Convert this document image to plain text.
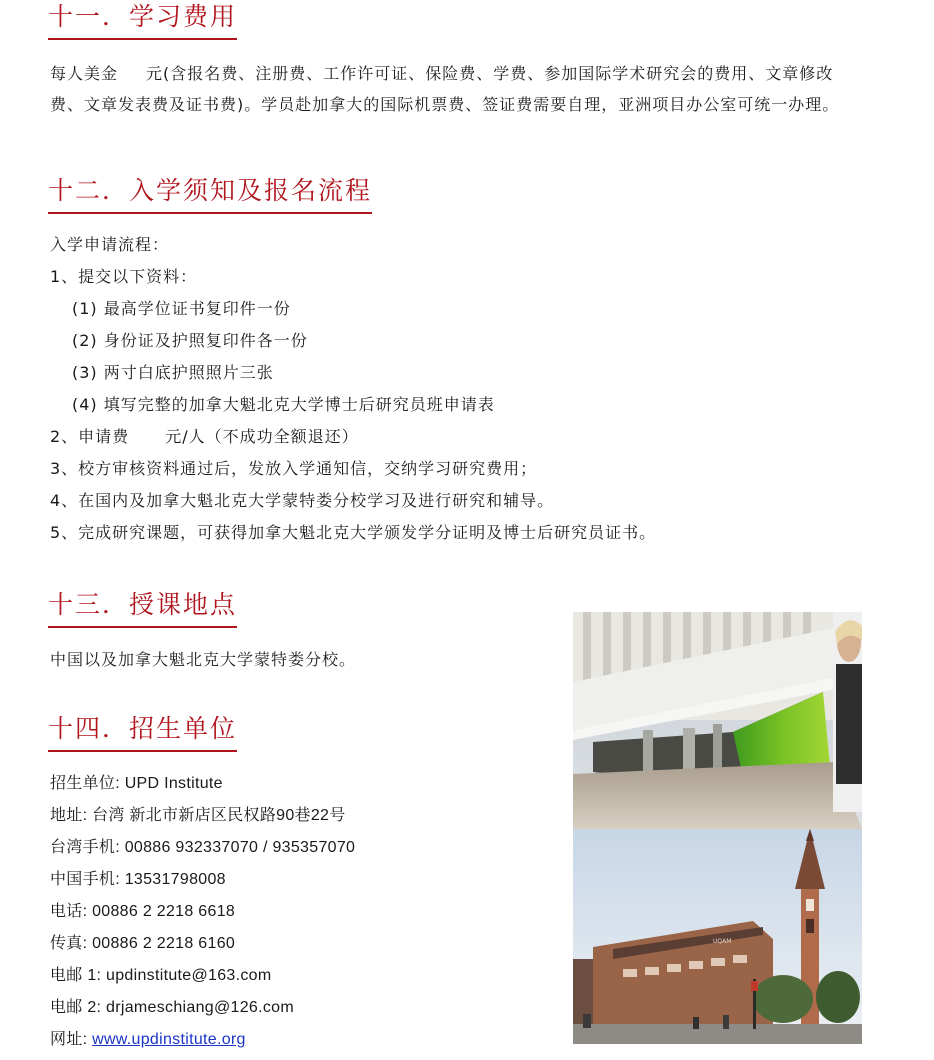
十一．学习费用

每人美金 元(含报名费、注册费、工作许可证、保险费、学费、参加国际学术研究会的费用、文章修改费、文章发表费及证书费)。学员赴加拿大的国际机票费、签证费需要自理，亚洲项目办公室可统一办理。

十二．入学须知及报名流程

入学申请流程：

1、提交以下资料：

(1) 最高学位证书复印件一份

(2) 身份证及护照复印件各一份

(3) 两寸白底护照照片三张

(4) 填写完整的加拿大魁北克大学博士后研究员班申请表

2、申请费 元/人（不成功全额退还）

3、校方审核资料通过后，发放入学通知信，交纳学习研究费用；

4、在国内及加拿大魁北克大学蒙特娄分校学习及进行研究和辅导。

5、完成研究课题，可获得加拿大魁北克大学颁发学分证明及博士后研究员证书。

十三．授课地点

中国以及加拿大魁北克大学蒙特娄分校。

十四．招生单位

招生单位: UPD Institute

地址: 台湾 新北市新店区民权路90巷22号

台湾手机: 00886 932337070 / 935357070

中国手机: 13531798008

电话: 00886 2 2218 6618

传真: 00886 2 2218 6160

电邮 1: updinstitute@163.com

电邮 2: drjameschiang@126.com

网址: www.updinstitute.org

UQAM
